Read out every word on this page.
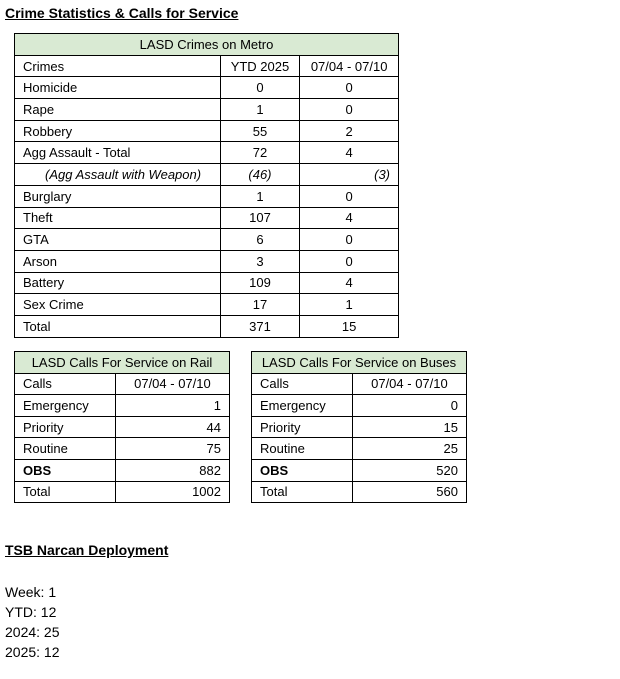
Crime Statistics & Calls for Service
LASD Crimes on Metro		
Crimes	YTD 2025	07/04 - 07/10
Homicide	0	0
Rape	1	0
Robbery	55	2
Agg Assault - Total	72	4
(Agg Assault with Weapon)	(46)	(3)
Burglary	1	0
Theft	107	4
GTA	6	0
Arson	3	0
Battery	109	4
Sex Crime	17	1
Total	371	15
LASD Calls For Service on Rail	
Calls	07/04 - 07/10
Emergency	1
Priority	44
Routine	75
OBS	882
Total	1002
LASD Calls For Service on Buses	
Calls	07/04 - 07/10
Emergency	0
Priority	15
Routine	25
OBS	520
Total	560
TSB Narcan Deployment
Week: 1
YTD: 12
2024: 25
2025: 12
